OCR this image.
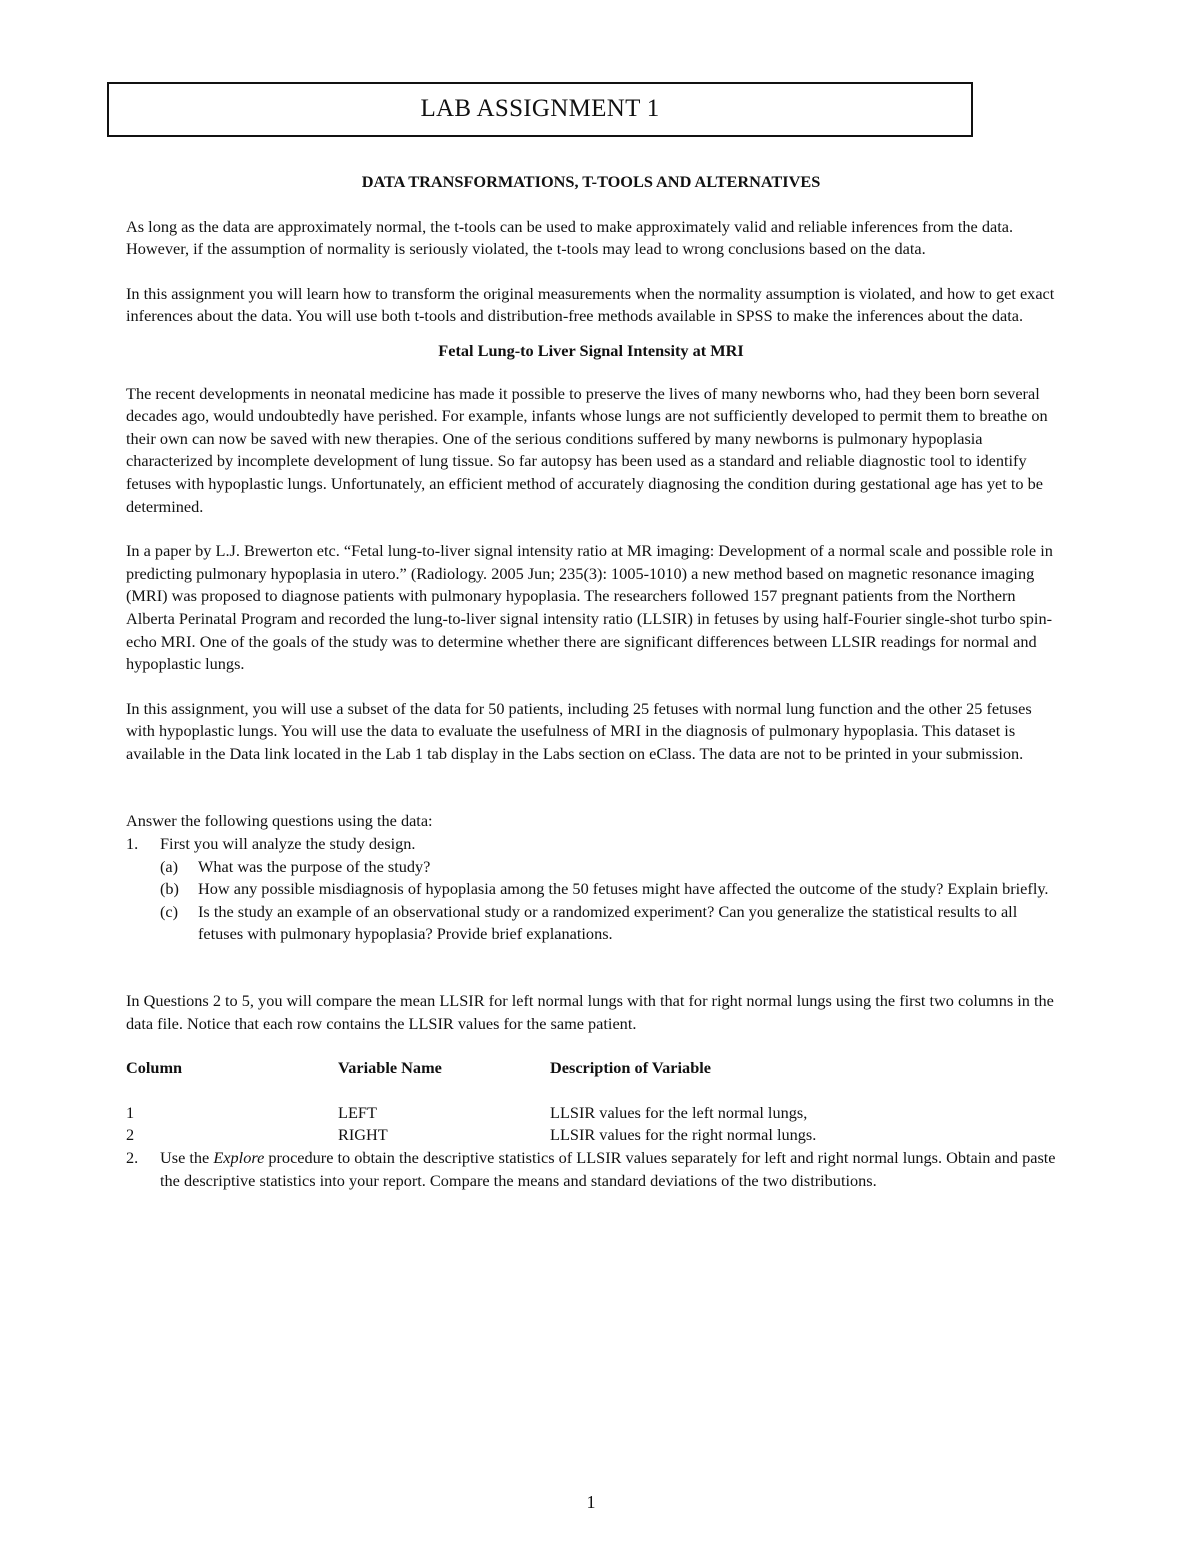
LAB ASSIGNMENT 1

DATA TRANSFORMATIONS, T-TOOLS AND ALTERNATIVES

As long as the data are approximately normal, the t-tools can be used to make approximately valid and reliable inferences from the data. However, if the assumption of normality is seriously violated, the t-tools may lead to wrong conclusions based on the data.

In this assignment you will learn how to transform the original measurements when the normality assumption is violated, and how to get exact inferences about the data. You will use both t-tools and distribution-free methods available in SPSS to make the inferences about the data.

Fetal Lung-to Liver Signal Intensity at MRI

The recent developments in neonatal medicine has made it possible to preserve the lives of many newborns who, had they been born several decades ago, would undoubtedly have perished. For example, infants whose lungs are not sufficiently developed to permit them to breathe on their own can now be saved with new therapies. One of the serious conditions suffered by many newborns is pulmonary hypoplasia characterized by incomplete development of lung tissue. So far autopsy has been used as a standard and reliable diagnostic tool to identify fetuses with hypoplastic lungs. Unfortunately, an efficient method of accurately diagnosing the condition during gestational age has yet to be determined.

In a paper by L.J. Brewerton etc. “Fetal lung-to-liver signal intensity ratio at MR imaging: Development of a normal scale and possible role in predicting pulmonary hypoplasia in utero.” (Radiology. 2005 Jun; 235(3): 1005-1010) a new method based on magnetic resonance imaging (MRI) was proposed to diagnose patients with pulmonary hypoplasia. The researchers followed 157 pregnant patients from the Northern Alberta Perinatal Program and recorded the lung-to-liver signal intensity ratio (LLSIR) in fetuses by using half-Fourier single-shot turbo spin-echo MRI. One of the goals of the study was to determine whether there are significant differences between LLSIR readings for normal and hypoplastic lungs.

In this assignment, you will use a subset of the data for 50 patients, including 25 fetuses with normal lung function and the other 25 fetuses with hypoplastic lungs. You will use the data to evaluate the usefulness of MRI in the diagnosis of pulmonary hypoplasia. This dataset is available in the Data link located in the Lab 1 tab display in the Labs section on eClass. The data are not to be printed in your submission.

Answer the following questions using the data:

1. First you will analyze the study design.
(a) What was the purpose of the study?
(b) How any possible misdiagnosis of hypoplasia among the 50 fetuses might have affected the outcome of the study? Explain briefly.
(c) Is the study an example of an observational study or a randomized experiment? Can you generalize the statistical results to all fetuses with pulmonary hypoplasia? Provide brief explanations.

In Questions 2 to 5, you will compare the mean LLSIR for left normal lungs with that for right normal lungs using the first two columns in the data file. Notice that each row contains the LLSIR values for the same patient.

Column	Variable Name	Description of Variable

1	LEFT	LLSIR values for the left normal lungs,
2	RIGHT	LLSIR values for the right normal lungs.
2. Use the Explore procedure to obtain the descriptive statistics of LLSIR values separately for left and right normal lungs. Obtain and paste the descriptive statistics into your report. Compare the means and standard deviations of the two distributions.
1
